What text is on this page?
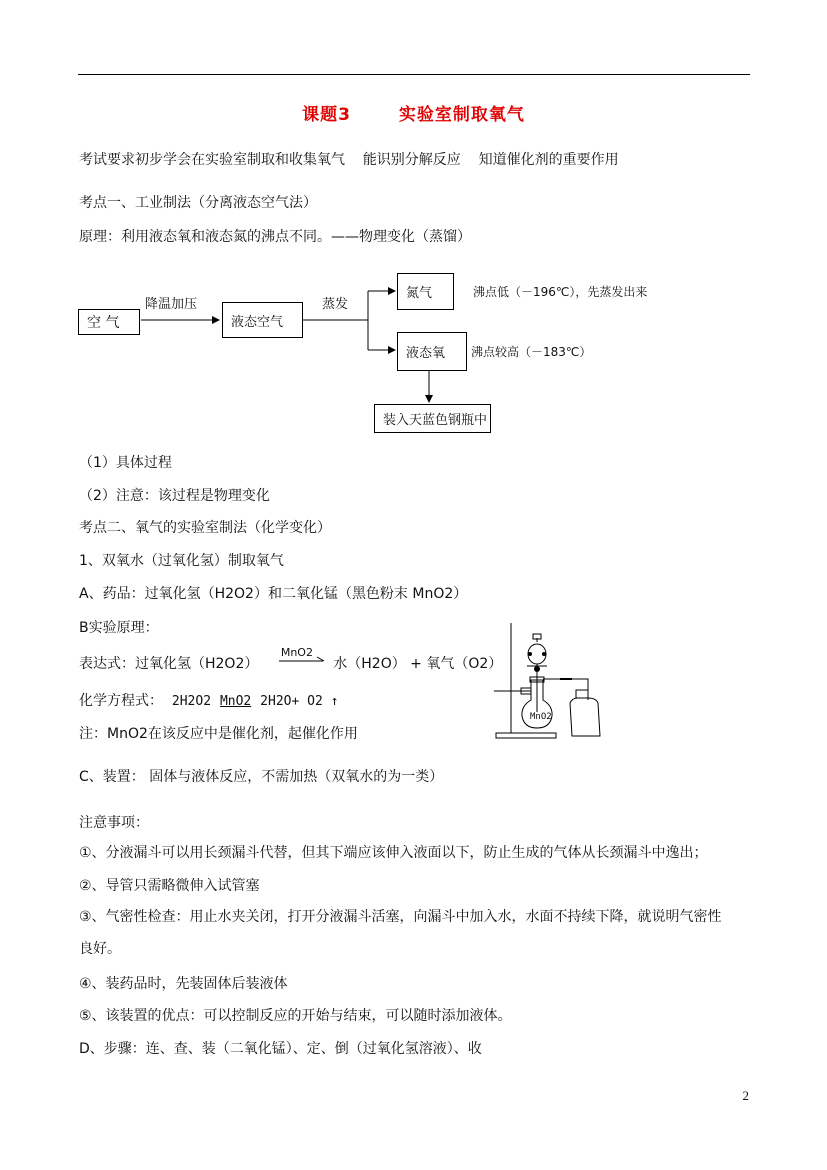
课题3	实验室制取氧气
考试要求初步学会在实验室制取和收集氧气 能识别分解反应 知道催化剂的重要作用
考点一、工业制法（分离液态空气法）
原理：利用液态氧和液态氮的沸点不同。——物理变化（蒸馏）
空 气
降温加压
液态空气
蒸发
氮气	沸点低（－196℃），先蒸发出来
液态氧	沸点较高（－183℃）
装入天蓝色钢瓶中
（1）具体过程
（2）注意：该过程是物理变化
考点二、氧气的实验室制法（化学变化）
1、双氧水（过氧化氢）制取氧气
A、药品：过氧化氢（H2O2）和二氧化锰（黑色粉末 MnO2）
B实验原理：
表达式：过氧化氢（H2O2）
MnO2
水（H2O） + 氧气（O2）
化学方程式： 2H2O2 MnO2 2H2O+ O2 ↑
注：MnO2在该反应中是催化剂，起催化作用
C、装置： 固体与液体反应，不需加热（双氧水的为一类）
MnO2
注意事项：
①、分液漏斗可以用长颈漏斗代替，但其下端应该伸入液面以下，防止生成的气体从长颈漏斗中逸出；
②、导管只需略微伸入试管塞
③、气密性检查：用止水夹关闭，打开分液漏斗活塞，向漏斗中加入水，水面不持续下降，就说明气密性
良好。
④、装药品时，先装固体后装液体
⑤、该装置的优点：可以控制反应的开始与结束，可以随时添加液体。
D、步骤：连、查、装（二氧化锰）、定、倒（过氧化氢溶液）、收
2
